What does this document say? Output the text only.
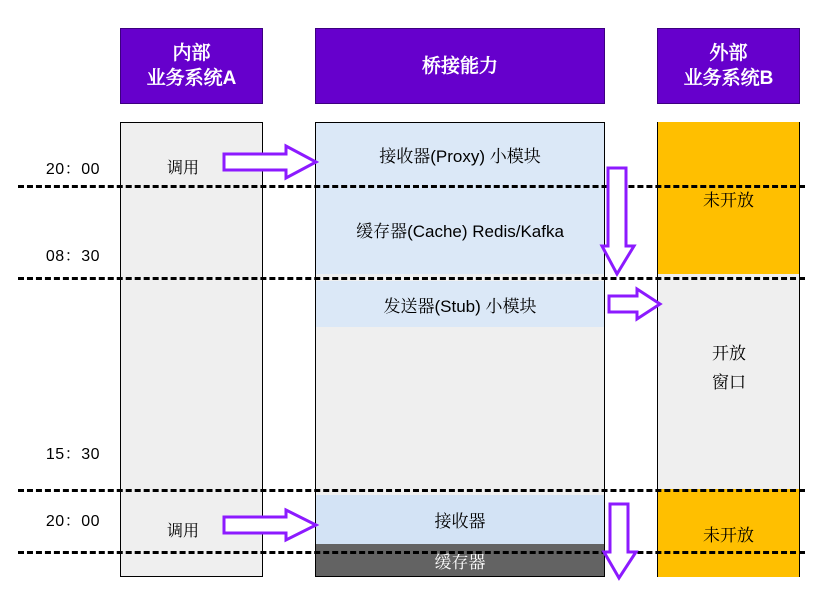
内部
业务系统A
桥接能力
外部
业务系统B
未开放
未开放
开放
窗口
接收器(Proxy) 小模块
缓存器(Cache) Redis/Kafka
发送器(Stub) 小模块
接收器
缓存器
20：00
08：30
15：30
20：00
调用
调用
